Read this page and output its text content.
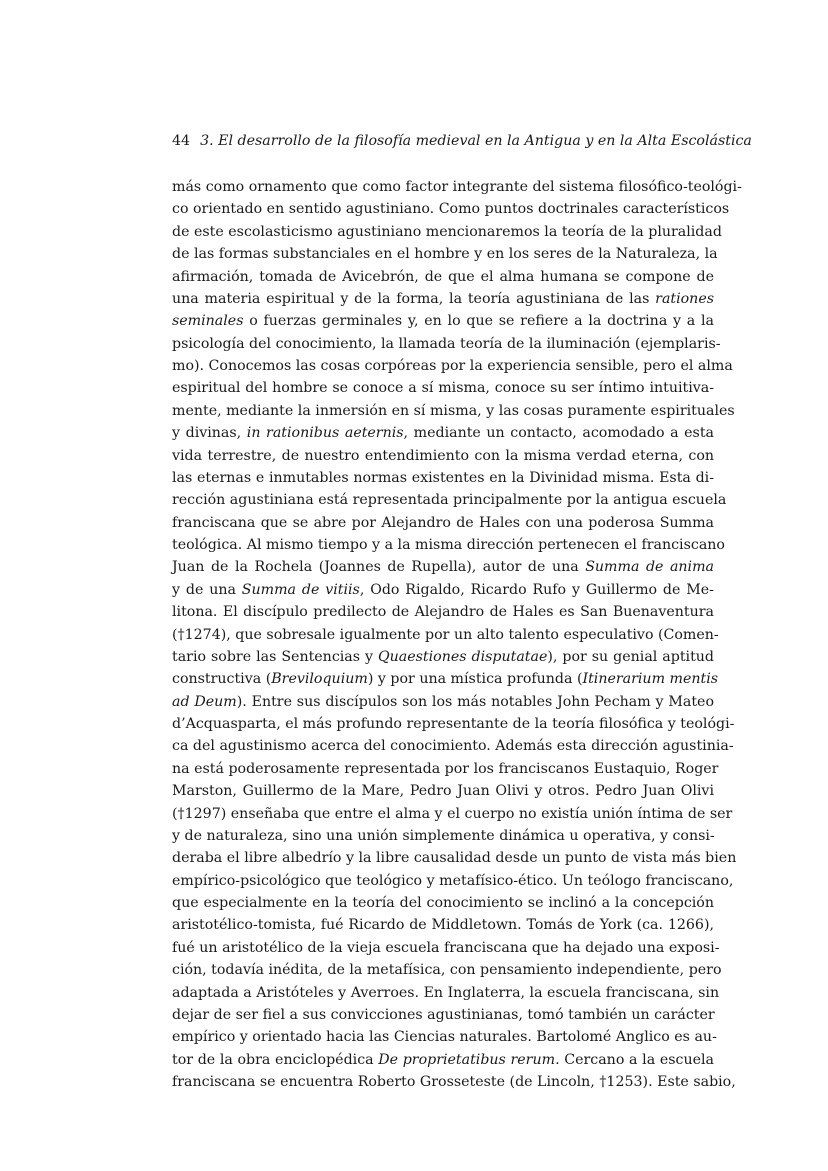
44 3. El desarrollo de la filosofía medieval en la Antigua y en la Alta Escolástica
más como ornamento que como factor integrante del sistema filosófico-teológi-
co orientado en sentido agustiniano. Como puntos doctrinales característicos
de este escolasticismo agustiniano mencionaremos la teoría de la pluralidad
de las formas substanciales en el hombre y en los seres de la Naturaleza, la
afirmación, tomada de Avicebrón, de que el alma humana se compone de
una materia espiritual y de la forma, la teoría agustiniana de las rationes
seminales o fuerzas germinales y, en lo que se refiere a la doctrina y a la
psicología del conocimiento, la llamada teoría de la iluminación (ejemplaris-
mo). Conocemos las cosas corpóreas por la experiencia sensible, pero el alma
espiritual del hombre se conoce a sí misma, conoce su ser íntimo intuitiva-
mente, mediante la inmersión en sí misma, y las cosas puramente espirituales
y divinas, in rationibus aeternis, mediante un contacto, acomodado a esta
vida terrestre, de nuestro entendimiento con la misma verdad eterna, con
las eternas e inmutables normas existentes en la Divinidad misma. Esta di-
rección agustiniana está representada principalmente por la antigua escuela
franciscana que se abre por Alejandro de Hales con una poderosa Summa
teológica. Al mismo tiempo y a la misma dirección pertenecen el franciscano
Juan de la Rochela (Joannes de Rupella), autor de una Summa de anima
y de una Summa de vitiis, Odo Rigaldo, Ricardo Rufo y Guillermo de Me-
litona. El discípulo predilecto de Alejandro de Hales es San Buenaventura
(†1274), que sobresale igualmente por un alto talento especulativo (Comen-
tario sobre las Sentencias y Quaestiones disputatae), por su genial aptitud
constructiva (Breviloquium) y por una mística profunda (Itinerarium mentis
ad Deum). Entre sus discípulos son los más notables John Pecham y Mateo
d’Acquasparta, el más profundo representante de la teoría filosófica y teológi-
ca del agustinismo acerca del conocimiento. Además esta dirección agustinia-
na está poderosamente representada por los franciscanos Eustaquio, Roger
Marston, Guillermo de la Mare, Pedro Juan Olivi y otros. Pedro Juan Olivi
(†1297) enseñaba que entre el alma y el cuerpo no existía unión íntima de ser
y de naturaleza, sino una unión simplemente dinámica u operativa, y consi-
deraba el libre albedrío y la libre causalidad desde un punto de vista más bien
empírico-psicológico que teológico y metafísico-ético. Un teólogo franciscano,
que especialmente en la teoría del conocimiento se inclinó a la concepción
aristotélico-tomista, fué Ricardo de Middletown. Tomás de York (ca. 1266),
fué un aristotélico de la vieja escuela franciscana que ha dejado una exposi-
ción, todavía inédita, de la metafísica, con pensamiento independiente, pero
adaptada a Aristóteles y Averroes. En Inglaterra, la escuela franciscana, sin
dejar de ser fiel a sus convicciones agustinianas, tomó también un carácter
empírico y orientado hacia las Ciencias naturales. Bartolomé Anglico es au-
tor de la obra enciclopédica De proprietatibus rerum. Cercano a la escuela
franciscana se encuentra Roberto Grosseteste (de Lincoln, †1253). Este sabio,
